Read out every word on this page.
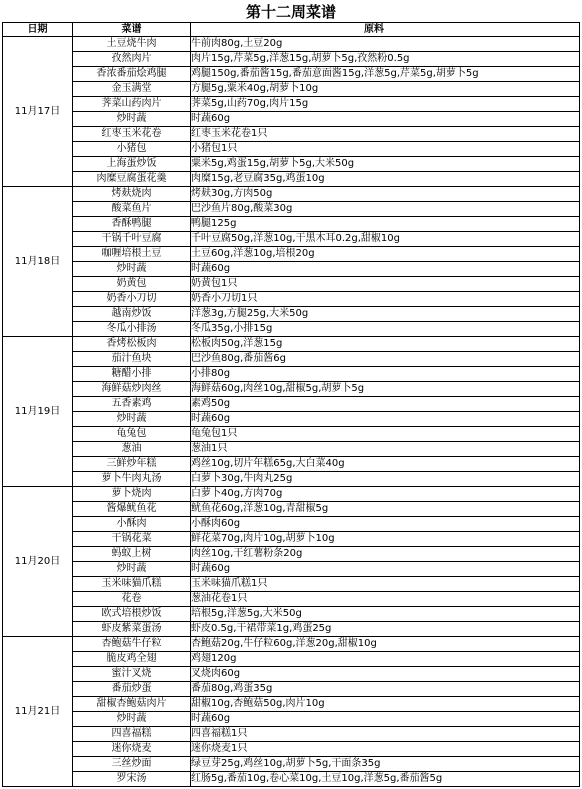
第十二周菜谱
日期	菜谱	原料
11月17日	土豆烧牛肉	牛前肉80g,土豆20g
	孜然肉片	肉片15g,芹菜5g,洋葱15g,胡萝卜5g,孜然粉0.5g
	香浓番茄烩鸡腿	鸡腿150g,番茄酱15g,番茄意面酱15g,洋葱5g,芹菜5g,胡萝卜5g
	金玉满堂	方腿5g,粟米40g,胡萝卜10g
	荠菜山药肉片	荠菜5g,山药70g,肉片15g
	炒时蔬	时蔬60g
	红枣玉米花卷	红枣玉米花卷1只
	小猪包	小猪包1只
	上海蛋炒饭	粟米5g,鸡蛋15g,胡萝卜5g,大米50g
	肉糜豆腐蛋花羹	肉糜15g,老豆腐35g,鸡蛋10g
11月18日	烤麸烧肉	烤麸30g,方肉50g
	酸菜鱼片	巴沙鱼片80g,酸菜30g
	香酥鸭腿	鸭腿125g
	干锅千叶豆腐	千叶豆腐50g,洋葱10g,干黑木耳0.2g,甜椒10g
	咖喱培根土豆	土豆60g,洋葱10g,培根20g
	炒时蔬	时蔬60g
	奶黄包	奶黄包1只
	奶香小刀切	奶香小刀切1只
	越南炒饭	洋葱3g,方腿25g,大米50g
	冬瓜小排汤	冬瓜35g,小排15g
11月19日	香烤松板肉	松板肉50g,洋葱15g
	茄汁鱼块	巴沙鱼80g,番茄酱6g
	糖醋小排	小排80g
	海鲜菇炒肉丝	海鲜菇60g,肉丝10g,甜椒5g,胡萝卜5g
	五香素鸡	素鸡50g
	炒时蔬	时蔬60g
	龟兔包	龟兔包1只
	葱油	葱油1只
	三鲜炒年糕	鸡丝10g,切片年糕65g,大白菜40g
	萝卜牛肉丸汤	白萝卜30g,牛肉丸25g
11月20日	萝卜烧肉	白萝卜40g,方肉70g
	酱爆鱿鱼花	鱿鱼花60g,洋葱10g,青甜椒5g
	小酥肉	小酥肉60g
	干锅花菜	鲜花菜70g,肉片10g,胡萝卜10g
	蚂蚁上树	肉丝10g,干红薯粉条20g
	炒时蔬	时蔬60g
	玉米味猫爪糕	玉米味猫爪糕1只
	花卷	葱油花卷1只
	欧式培根炒饭	培根5g,洋葱5g,大米50g
	虾皮紫菜蛋汤	虾皮0.5g,干裙带菜1g,鸡蛋25g
11月21日	杏鲍菇牛仔粒	杏鲍菇20g,牛仔粒60g,洋葱20g,甜椒10g
	脆皮鸡全翅	鸡翅120g
	蜜汁叉烧	叉烧肉60g
	番茄炒蛋	番茄80g,鸡蛋35g
	甜椒杏鲍菇肉片	甜椒10g,杏鲍菇50g,肉片10g
	炒时蔬	时蔬60g
	四喜福糕	四喜福糕1只
	迷你烧麦	迷你烧麦1只
	三丝炒面	绿豆芽25g,鸡丝10g,胡萝卜5g,干面条35g
	罗宋汤	红肠5g,番茄10g,卷心菜10g,土豆10g,洋葱5g,番茄酱5g
